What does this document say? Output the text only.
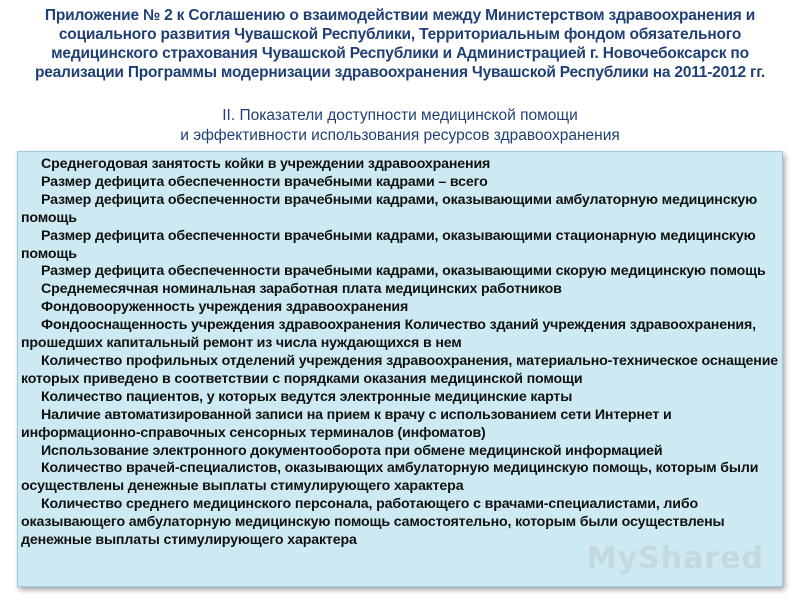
Приложение № 2 к Соглашению о взаимодействии между Министерством здравоохранения и
социального развития Чувашской Республики, Территориальным фондом обязательного
медицинского страхования Чувашской Республики и Администрацией г. Новочебоксарск по
реализации Программы модернизации здравоохранения Чувашской Республики на 2011-2012 гг.
II. Показатели доступности медицинской помощи
и эффективности использования ресурсов здравоохранения
Среднегодовая занятость койки в учреждении здравоохранения
Размер дефицита обеспеченности врачебными кадрами – всего
Размер дефицита обеспеченности врачебными кадрами, оказывающими амбулаторную медицинскую помощь
Размер дефицита обеспеченности врачебными кадрами, оказывающими стационарную медицинскую помощь
Размер дефицита обеспеченности врачебными кадрами, оказывающими скорую медицинскую помощь
Среднемесячная номинальная заработная плата медицинских работников
Фондовооруженность учреждения здравоохранения
Фондооснащенность учреждения здравоохранения Количество зданий учреждения здравоохранения, прошедших капитальный ремонт из числа нуждающихся в нем
Количество профильных отделений учреждения здравоохранения, материально-техническое оснащение которых приведено в соответствии с порядками оказания медицинской помощи
Количество пациентов, у которых ведутся электронные медицинские карты
Наличие автоматизированной записи на прием к врачу с использованием сети Интернет и информационно-справочных сенсорных терминалов (инфоматов)
Использование электронного документооборота при обмене медицинской информацией
Количество врачей-специалистов, оказывающих амбулаторную медицинскую помощь, которым были осуществлены денежные выплаты стимулирующего характера
Количество среднего медицинского персонала, работающего с врачами-специалистами, либо оказывающего амбулаторную медицинскую помощь самостоятельно, которым были осуществлены денежные выплаты стимулирующего характера
MyShared
